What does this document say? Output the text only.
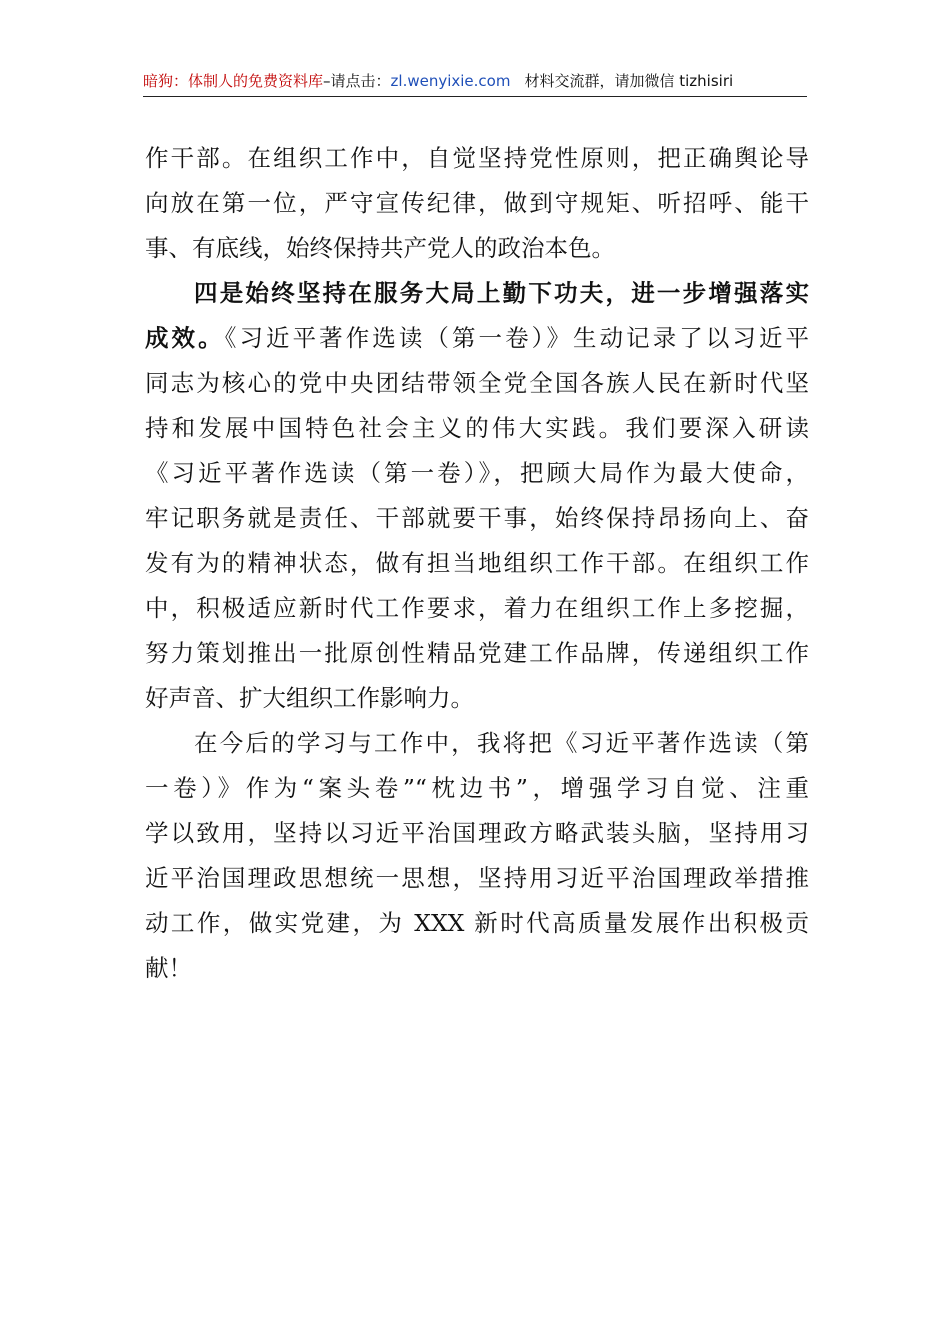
暗狗：体制人的免费资料库–请点击：zl.wenyixie.com 材料交流群，请加微信 tizhisiri
作干部。在组织工作中，自觉坚持党性原则，把正确舆论导
向放在第一位，严守宣传纪律，做到守规矩、听招呼、能干
事、有底线，始终保持共产党人的政治本色。
四是始终坚持在服务大局上勤下功夫，进一步增强落实
成效。《习近平著作选读（第一卷）》生动记录了以习近平
同志为核心的党中央团结带领全党全国各族人民在新时代坚
持和发展中国特色社会主义的伟大实践。我们要深入研读
《习近平著作选读（第一卷）》，把顾大局作为最大使命，
牢记职务就是责任、干部就要干事，始终保持昂扬向上、奋
发有为的精神状态，做有担当地组织工作干部。在组织工作
中，积极适应新时代工作要求，着力在组织工作上多挖掘，
努力策划推出一批原创性精品党建工作品牌，传递组织工作
好声音、扩大组织工作影响力。
在今后的学习与工作中，我将把《习近平著作选读（第
一卷）》作为“案头卷”“枕边书”，增强学习自觉、注重
学以致用，坚持以习近平治国理政方略武装头脑，坚持用习
近平治国理政思想统一思想，坚持用习近平治国理政举措推
动工作，做实党建，为 XXX 新时代高质量发展作出积极贡
献！
